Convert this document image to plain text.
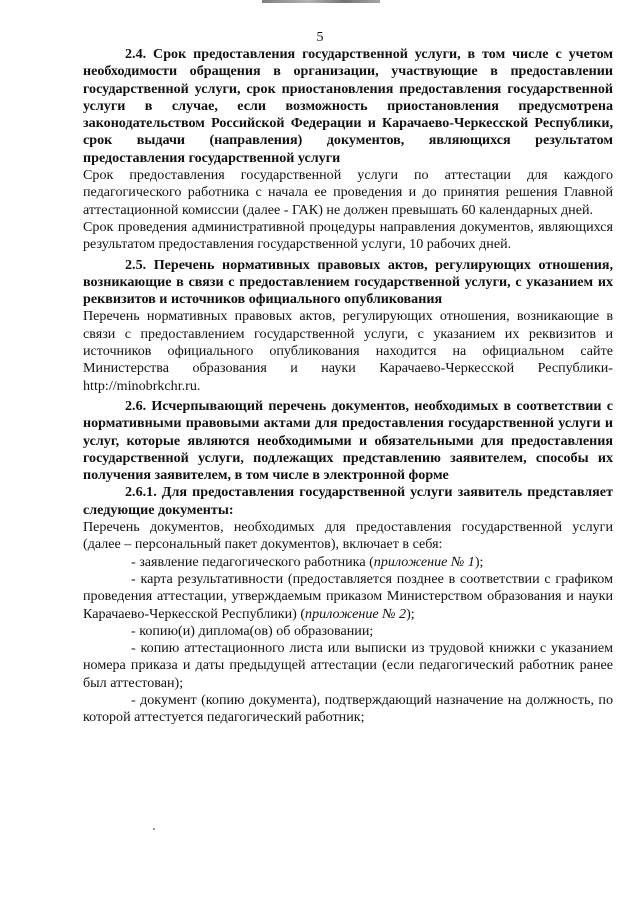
5

2.4. Срок предоставления государственной услуги, в том числе с учетом необходимости обращения в организации, участвующие в предоставлении государственной услуги, срок приостановления предоставления государственной услуги в случае, если возможность приостановления предусмотрена законодательством Российской Федерации и Карачаево-Черкесской Республики, срок выдачи (направления) документов, являющихся результатом предоставления государственной услуги

Срок предоставления государственной услуги по аттестации для каждого педагогического работника с начала ее проведения и до принятия решения Главной аттестационной комиссии (далее - ГАК) не должен превышать 60 календарных дней.

Срок проведения административной процедуры направления документов, являющихся результатом предоставления государственной услуги, 10 рабочих дней.

2.5. Перечень нормативных правовых актов, регулирующих отношения, возникающие в связи с предоставлением государственной услуги, с указанием их реквизитов и источников официального опубликования

Перечень нормативных правовых актов, регулирующих отношения, возникающие в связи с предоставлением государственной услуги, с указанием их реквизитов и источников официального опубликования находится на официальном сайте Министерства образования и науки Карачаево-Черкесской Республики- http://minobrkchr.ru.

2.6. Исчерпывающий перечень документов, необходимых в соответствии с нормативными правовыми актами для предоставления государственной услуги и услуг, которые являются необходимыми и обязательными для предоставления государственной услуги, подлежащих представлению заявителем, способы их получения заявителем, в том числе в электронной форме

2.6.1. Для предоставления государственной услуги заявитель представляет следующие документы:

Перечень документов, необходимых для предоставления государственной услуги (далее – персональный пакет документов), включает в себя:

- заявление педагогического работника (приложение № 1);

- карта результативности (предоставляется позднее в соответствии с графиком проведения аттестации, утверждаемым приказом Министерством образования и науки Карачаево-Черкесской Республики) (приложение № 2);

- копию(и) диплома(ов) об образовании;

- копию аттестационного листа или выписки из трудовой книжки с указанием номера приказа и даты предыдущей аттестации (если педагогический работник ранее был аттестован);

- документ (копию документа), подтверждающий назначение на должность, по которой аттестуется педагогический работник;
